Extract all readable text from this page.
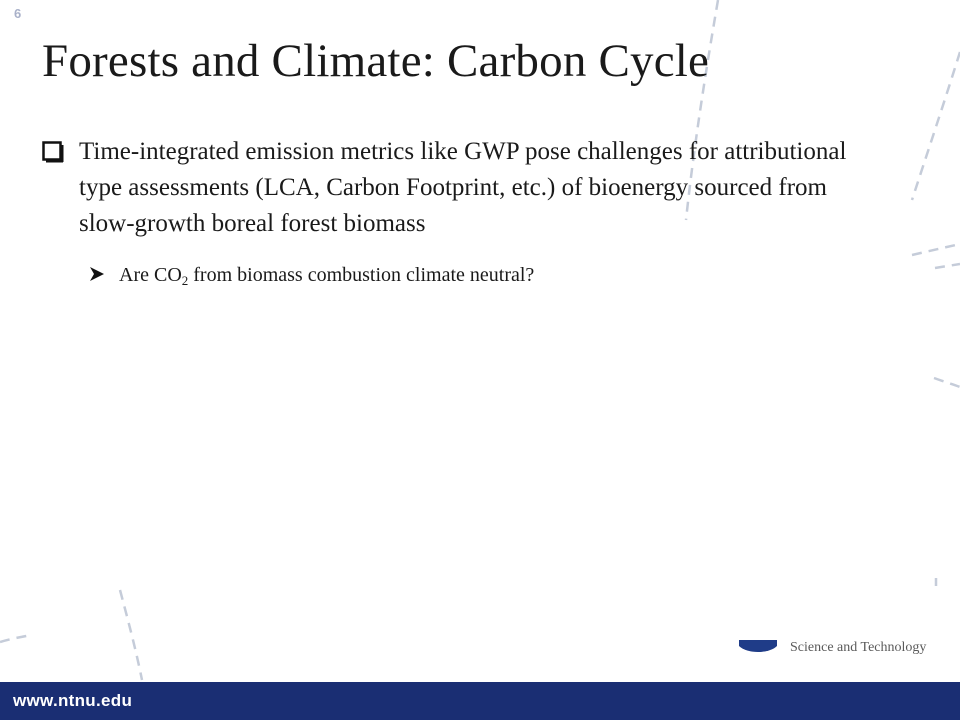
6
Forests and Climate: Carbon Cycle

Time-integrated emission metrics like GWP pose challenges for attributional type assessments (LCA, Carbon Footprint, etc.) of bioenergy sourced from slow-growth boreal forest biomass

Are $CO_2$ from biomass combustion climate neutral?

Science and Technology
www.ntnu.edu
